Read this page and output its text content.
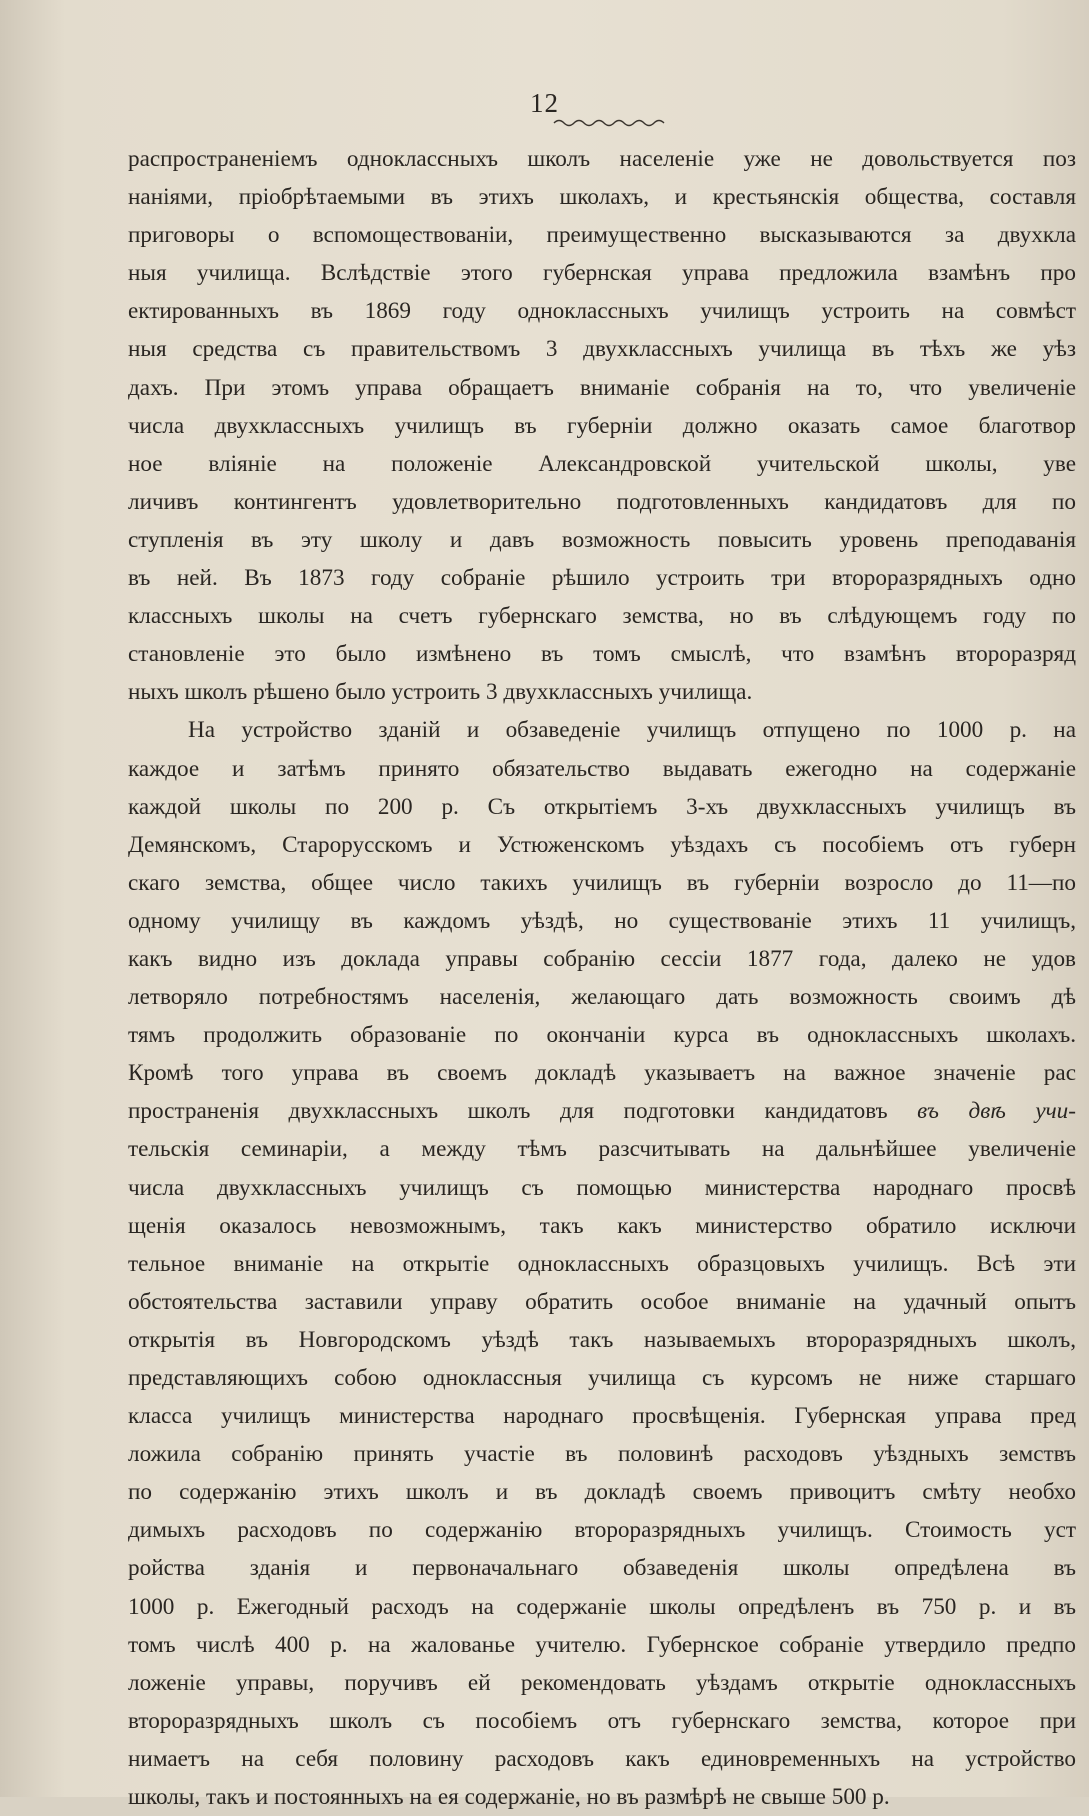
12
распространеніемъ одноклассныхъ школъ населеніе уже не довольствуется поз
наніями, пріобрѣтаемыми въ этихъ школахъ, и крестьянскія общества, составля
приговоры о вспомоществованіи, преимущественно высказываются за двухкла
ныя училища. Вслѣдствіе этого губернская управа предложила взамѣнъ про
ектированныхъ въ 1869 году одноклассныхъ училищъ устроить на совмѣст
ныя средства съ правительствомъ 3 двухклассныхъ училища въ тѣхъ же уѣз
дахъ. При этомъ управа обращаетъ вниманіе собранія на то, что увеличеніе
числа двухклассныхъ училищъ въ губерніи должно оказать самое благотвор
ное вліяніе на положеніе Александровской учительской школы, уве
личивъ контингентъ удовлетворительно подготовленныхъ кандидатовъ для по
ступленія въ эту школу и давъ возможность повысить уровень преподаванія
въ ней. Въ 1873 году собраніе рѣшило устроить три второразрядныхъ одно
классныхъ школы на счетъ губернскаго земства, но въ слѣдующемъ году по
становленіе это было измѣнено въ томъ смыслѣ, что взамѣнъ второразряд
ныхъ школъ рѣшено было устроить 3 двухклассныхъ училища.
На устройство зданій и обзаведеніе училищъ отпущено по 1000 р. на
каждое и затѣмъ принято обязательство выдавать ежегодно на содержаніе
каждой школы по 200 р. Съ открытіемъ 3-хъ двухклассныхъ училищъ въ
Демянскомъ, Старорусскомъ и Устюженскомъ уѣздахъ съ пособіемъ отъ губерн
скаго земства, общее число такихъ училищъ въ губерніи возросло до 11—по
одному училищу въ каждомъ уѣздѣ, но существованіе этихъ 11 училищъ,
какъ видно изъ доклада управы собранію сессіи 1877 года, далеко не удов
летворяло потребностямъ населенія, желающаго дать возможность своимъ дѣ
тямъ продолжить образованіе по окончаніи курса въ одноклассныхъ школахъ.
Кромѣ того управа въ своемъ докладѣ указываетъ на важное значеніе рас
пространенія двухклассныхъ школъ для подготовки кандидатовъ въ двѣ учи-
тельскія семинаріи, а между тѣмъ разсчитывать на дальнѣйшее увеличеніе
числа двухклассныхъ училищъ съ помощью министерства народнаго просвѣ
щенія оказалось невозможнымъ, такъ какъ министерство обратило исключи
тельное вниманіе на открытіе одноклассныхъ образцовыхъ училищъ. Всѣ эти
обстоятельства заставили управу обратить особое вниманіе на удачный опытъ
открытія въ Новгородскомъ уѣздѣ такъ называемыхъ второразрядныхъ школъ,
представляющихъ собою одноклассныя училища съ курсомъ не ниже старшаго
класса училищъ министерства народнаго просвѣщенія. Губернская управа пред
ложила собранію принять участіе въ половинѣ расходовъ уѣздныхъ земствъ
по содержанію этихъ школъ и въ докладѣ своемъ привоцитъ смѣту необхо
димыхъ расходовъ по содержанію второразрядныхъ училищъ. Стоимость уст
ройства зданія и первоначальнаго обзаведенія школы опредѣлена въ
1000 р. Ежегодный расходъ на содержаніе школы опредѣленъ въ 750 р. и въ
томъ числѣ 400 р. на жалованье учителю. Губернское собраніе утвердило предпо
ложеніе управы, поручивъ ей рекомендовать уѣздамъ открытіе одноклассныхъ
второразрядныхъ школъ съ пособіемъ отъ губернскаго земства, которое при
нимаетъ на себя половину расходовъ какъ единовременныхъ на устройство
школы, такъ и постоянныхъ на ея содержаніе, но въ размѣрѣ не свыше 500 р.
